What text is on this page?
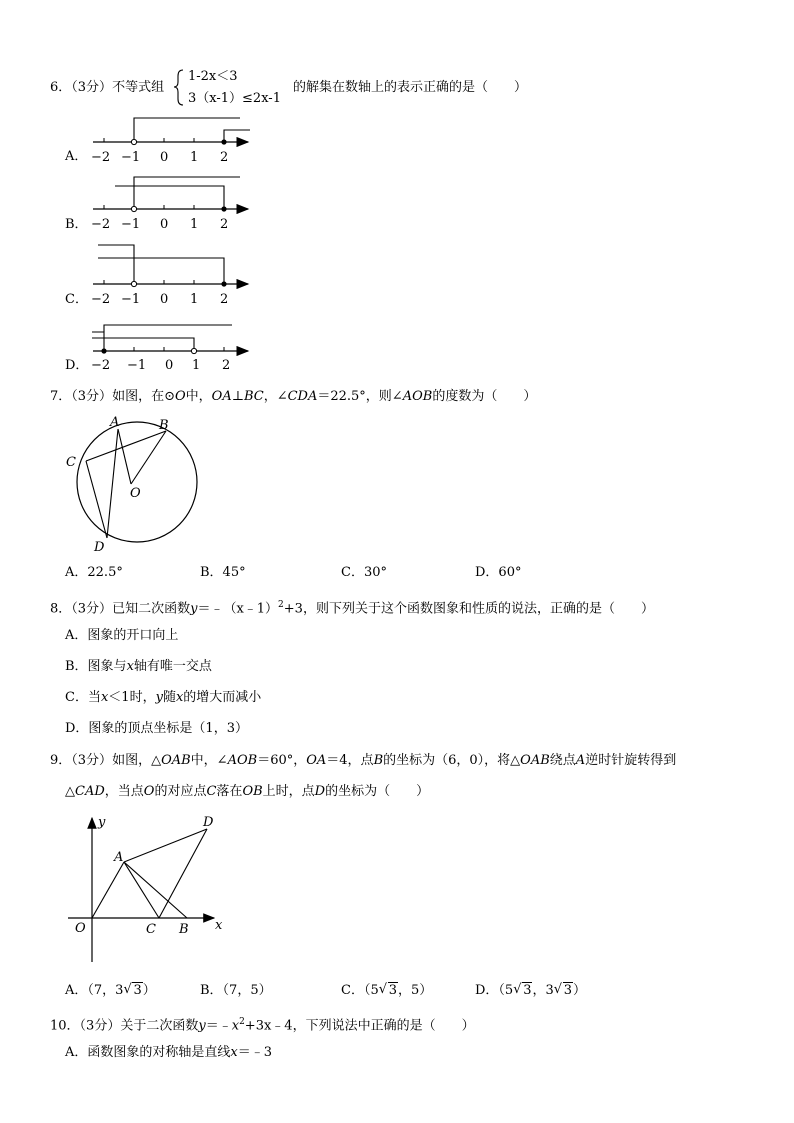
6．（3分）不等式组
1-2x＜3
3（x-1）≤2x-1
的解集在数轴上的表示正确的是（　　）
A．
B．
C．
D．
−2 −1 0 1 2
−2 −1 0 1 2
−2 −1 0 1 2
−2 −1 0 1 2
7．（3分）如图，在⊙O中，OA⊥BC，∠CDA＝22.5°，则∠AOB的度数为（　　）
A	B
C
O
D
A．22.5°	B．45°	C．30°	D．60°
8．（3分）已知二次函数y＝﹣（x﹣1）$^2$+3，则下列关于这个函数图象和性质的说法，正确的是（　　）
A．图象的开口向上
B．图象与x轴有唯一交点
C．当x＜1时，y随x的增大而减小
D．图象的顶点坐标是（1，3）
9．（3分）如图，△OAB中，∠AOB＝60°，OA＝4，点B的坐标为（6，0），将△OAB绕点A逆时针旋转得到
△CAD，当点O的对应点C落在OB上时，点D的坐标为（　　）
y
x
O
A
B
C
D
A．（7，3 √ 3）	B．（7，5）	C．（5 √ 3，5）	D．（5 √ 3，3 √ 3）
10．（3分）关于二次函数$y=﹣x^2+3x﹣4$，下列说法中正确的是（　　）
A．函数图象的对称轴是直线x＝﹣3
